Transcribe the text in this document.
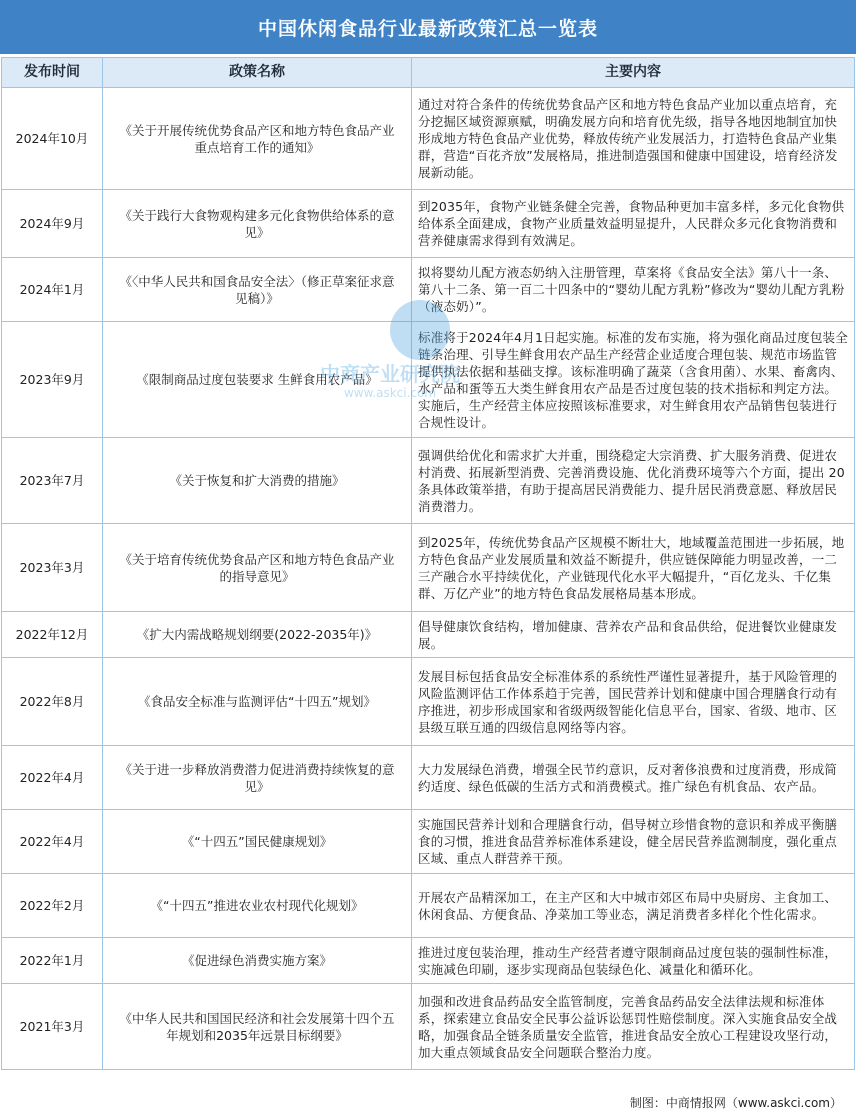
中国休闲食品行业最新政策汇总一览表
发布时间	政策名称	主要内容
2024年10月	《关于开展传统优势食品产区和地方特色食品产业重点培育工作的通知》	通过对符合条件的传统优势食品产区和地方特色食品产业加以重点培育，充分挖掘区域资源禀赋，明确发展方向和培育优先级，指导各地因地制宜加快形成地方特色食品产业优势，释放传统产业发展活力，打造特色食品产业集群，营造“百花齐放”发展格局，推进制造强国和健康中国建设，培育经济发展新动能。
2024年9月	《关于践行大食物观构建多元化食物供给体系的意见》	到2035年，食物产业链条健全完善，食物品种更加丰富多样，多元化食物供给体系全面建成，食物产业质量效益明显提升，人民群众多元化食物消费和营养健康需求得到有效满足。
2024年1月	《〈中华人民共和国食品安全法〉（修正草案征求意见稿）》	拟将婴幼儿配方液态奶纳入注册管理，草案将《食品安全法》第八十一条、第八十二条、第一百二十四条中的“婴幼儿配方乳粉”修改为“婴幼儿配方乳粉（液态奶）”。
2023年9月	《限制商品过度包装要求 生鲜食用农产品》	标准将于2024年4月1日起实施。标准的发布实施，将为强化商品过度包装全链条治理、引导生鲜食用农产品生产经营企业适度合理包装、规范市场监管提供执法依据和基础支撑。该标准明确了蔬菜（含食用菌）、水果、畜禽肉、水产品和蛋等五大类生鲜食用农产品是否过度包装的技术指标和判定方法。实施后，生产经营主体应按照该标准要求，对生鲜食用农产品销售包装进行合规性设计。
2023年7月	《关于恢复和扩大消费的措施》	强调供给优化和需求扩大并重，围绕稳定大宗消费、扩大服务消费、促进农村消费、拓展新型消费、完善消费设施、优化消费环境等六个方面，提出 20 条具体政策举措，有助于提高居民消费能力、提升居民消费意愿、释放居民消费潜力。
2023年3月	《关于培育传统优势食品产区和地方特色食品产业的指导意见》	到2025年，传统优势食品产区规模不断壮大，地域覆盖范围进一步拓展，地方特色食品产业发展质量和效益不断提升，供应链保障能力明显改善，一二三产融合水平持续优化，产业链现代化水平大幅提升，“百亿龙头、千亿集群、万亿产业”的地方特色食品发展格局基本形成。
2022年12月	《扩大内需战略规划纲要(2022-2035年)》	倡导健康饮食结构，增加健康、营养农产品和食品供给，促进餐饮业健康发展。
2022年8月	《食品安全标准与监测评估“十四五”规划》	发展目标包括食品安全标准体系的系统性严谨性显著提升，基于风险管理的风险监测评估工作体系趋于完善，国民营养计划和健康中国合理膳食行动有序推进，初步形成国家和省级两级智能化信息平台，国家、省级、地市、区县级互联互通的四级信息网络等内容。
2022年4月	《关于进一步释放消费潜力促进消费持续恢复的意见》	大力发展绿色消费，增强全民节约意识，反对奢侈浪费和过度消费，形成简约适度、绿色低碳的生活方式和消费模式。推广绿色有机食品、农产品。
2022年4月	《“十四五”国民健康规划》	实施国民营养计划和合理膳食行动，倡导树立珍惜食物的意识和养成平衡膳食的习惯，推进食品营养标准体系建设，健全居民营养监测制度，强化重点区域、重点人群营养干预。
2022年2月	《“十四五”推进农业农村现代化规划》	开展农产品精深加工，在主产区和大中城市郊区布局中央厨房、主食加工、休闲食品、方便食品、净菜加工等业态，满足消费者多样化个性化需求。
2022年1月	《促进绿色消费实施方案》	推进过度包装治理，推动生产经营者遵守限制商品过度包装的强制性标准，实施减色印刷，逐步实现商品包装绿色化、减量化和循环化。
2021年3月	《中华人民共和国国民经济和社会发展第十四个五年规划和2035年远景目标纲要》	加强和改进食品药品安全监管制度，完善食品药品安全法律法规和标准体系，探索建立食品安全民事公益诉讼惩罚性赔偿制度。深入实施食品安全战略，加强食品全链条质量安全监管，推进食品安全放心工程建设攻坚行动，加大重点领域食品安全问题联合整治力度。
中商产业研究院
www.askci.com
制图：中商情报网（www.askci.com）
